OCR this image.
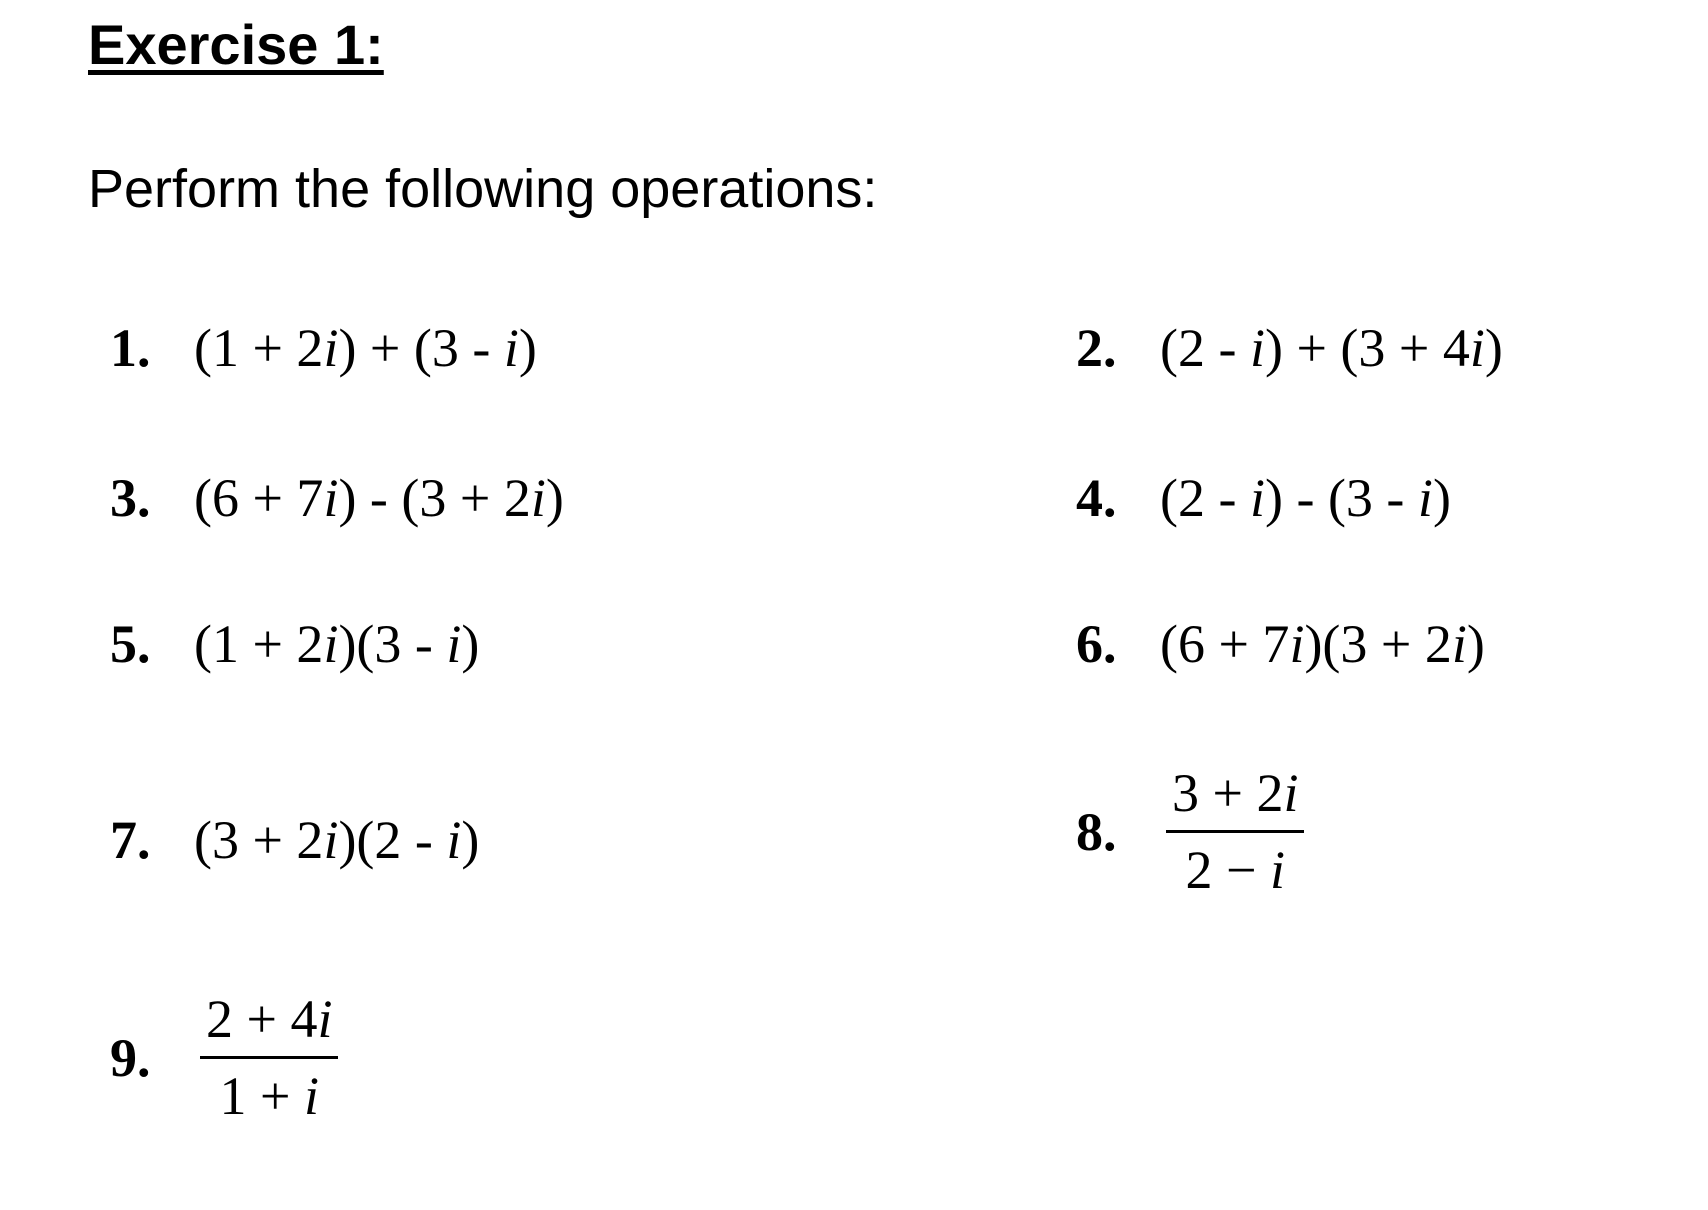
Exercise 1:

Perform the following operations:

1. (1 + 2i) + (3 - i)	2. (2 - i) + (3 + 4i)
3. (6 + 7i) - (3 + 2i)	4. (2 - i) - (3 - i)
5. (1 + 2i)(3 - i)	6. (6 + 7i)(3 + 2i)
7. (3 + 2i)(2 - i)	8. $\frac{3 + 2i}{2 - i}$
9. $\frac{2 + 4i}{1 + i}$
